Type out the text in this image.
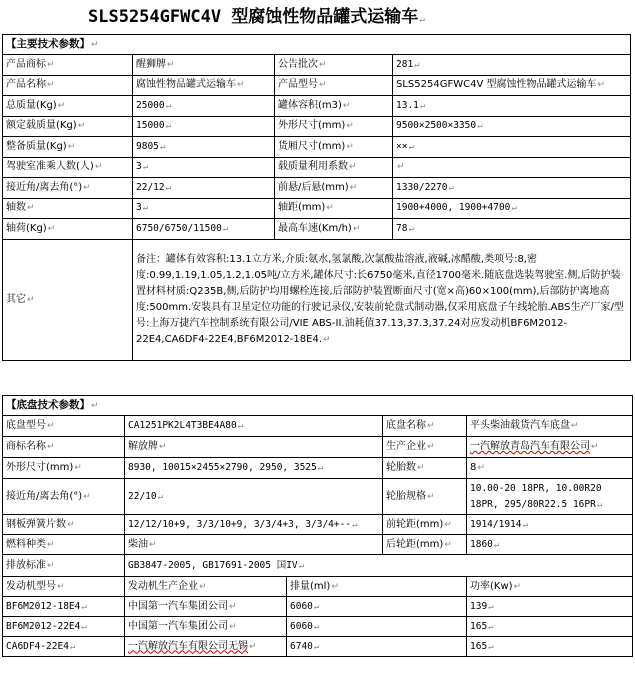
SLS5254GFWC4V 型腐蚀性物品罐式运输车↵
【主要技术参数】↵			
产品商标↵	醒狮牌↵	公告批次↵	281↵
产品名称↵	腐蚀性物品罐式运输车↵	产品型号↵	SLS5254GFWC4V 型腐蚀性物品罐式运输车↵
总质量(Kg)↵	25000↵	罐体容积(m3)↵	13.1↵
额定载质量(Kg)↵	15000↵	外形尺寸(mm)↵	9500×2500×3350↵
整备质量(Kg)↵	9805↵	货厢尺寸(mm)↵	××↵
驾驶室准乘人数(人)↵	3↵	载质量利用系数↵	↵
接近角/离去角(°)↵	22/12↵	前悬/后悬(mm)↵	1330/2270↵
轴数↵	3↵	轴距(mm)↵	1900+4000, 1900+4700↵
轴荷(Kg)↵	6750/6750/11500↵	最高车速(Km/h)↵	78↵
其它↵	备注：罐体有效容积:13.1立方米,介质:氨水,氢氯酸,次氯酸盐溶液,液碱,冰醋酸,类项号:8,密度:0.99,1.19,1.05,1.2,1.05吨/立方米,罐体尺寸:长6750毫米,直径1700毫米.随底盘选装驾驶室.侧,后防护装置材料材质:Q235B,侧,后防护均用螺栓连接,后部防护装置断面尺寸(宽×高)60×100(mm),后部防护离地高度:500mm.安装具有卫星定位功能的行驶记录仪,安装前轮盘式制动器,仅采用底盘子午线轮胎.ABS生产厂家/型号:上海万捷汽车控制系统有限公司/VIE ABS-II.油耗值37.13,37.3,37.24对应发动机BF6M2012-22E4,CA6DF4-22E4,BF6M2012-18E4.↵		
【底盘技术参数】↵				
底盘型号↵	CA1251PK2L4T3BE4A80↵		底盘名称↵	平头柴油载货汽车底盘↵
商标名称↵	解放牌↵		生产企业↵	一汽解放青岛汽车有限公司↵
外形尺寸(mm)↵	8930, 10015×2455×2790, 2950, 3525↵		轮胎数↵	8↵
接近角/离去角(°)↵	22/10↵		轮胎规格↵	10.00-20 18PR, 10.00R20
18PR, 295/80R22.5 16PR↵

钢板弹簧片数↵	12/12/10+9, 3/3/10+9, 3/3/4+3, 3/3/4+--↵		前轮距(mm)↵	1914/1914↵
燃料种类↵	柴油↵		后轮距(mm)↵	1860↵
排放标准↵	GB3847-2005, GB17691-2005 国IV↵			
发动机型号↵	发动机生产企业↵	排量(ml)↵		功率(Kw)↵
BF6M2012-18E4↵	中国第一汽车集团公司↵	6060↵		139↵
BF6M2012-22E4↵	中国第一汽车集团公司↵	6060↵		165↵
CA6DF4-22E4↵	一汽解放汽车有限公司无锡↵	6740↵		165↵
